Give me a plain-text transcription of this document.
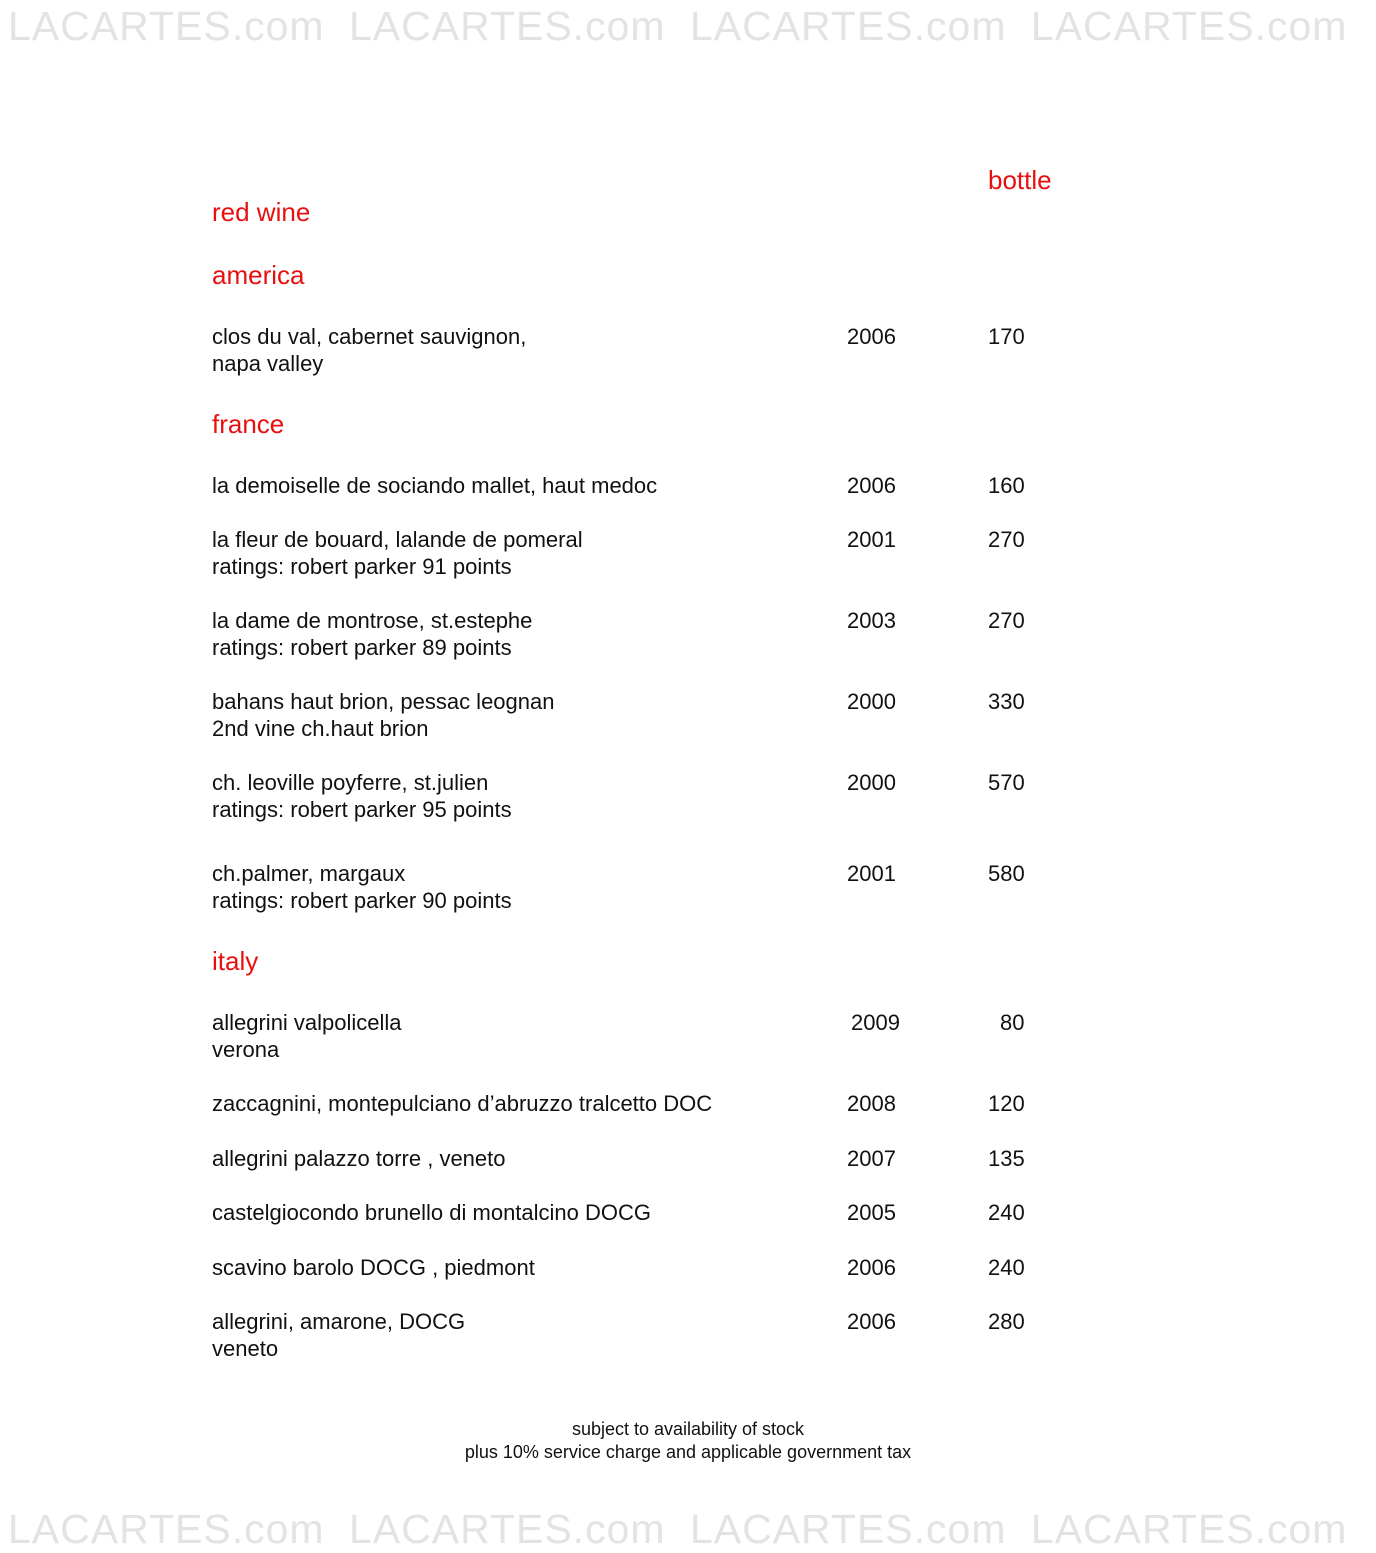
LACARTES.com LACARTES.com LACARTES.com LACARTES.com
bottle
red wine
america
clos du val, cabernet sauvignon,
napa valley
2006	170
france
la demoiselle de sociando mallet, haut medoc	2006	160
la fleur de bouard, lalande de pomeral
ratings: robert parker 91 points
2001	270
la dame de montrose, st.estephe
ratings: robert parker 89 points
2003	270
bahans haut brion, pessac leognan
2nd vine ch.haut brion
2000	330
ch. leoville poyferre, st.julien
ratings: robert parker 95 points
2000	570
ch.palmer, margaux
ratings: robert parker 90 points
2001	580
italy
allegrini valpolicella
verona
2009	80
zaccagnini, montepulciano d’abruzzo tralcetto DOC	2008	120
allegrini palazzo torre , veneto	2007	135
castelgiocondo brunello di montalcino DOCG	2005	240
scavino barolo DOCG , piedmont	2006	240
allegrini, amarone, DOCG
veneto
2006	280
subject to availability of stock
plus 10% service charge and applicable government tax
LACARTES.com LACARTES.com LACARTES.com LACARTES.com
